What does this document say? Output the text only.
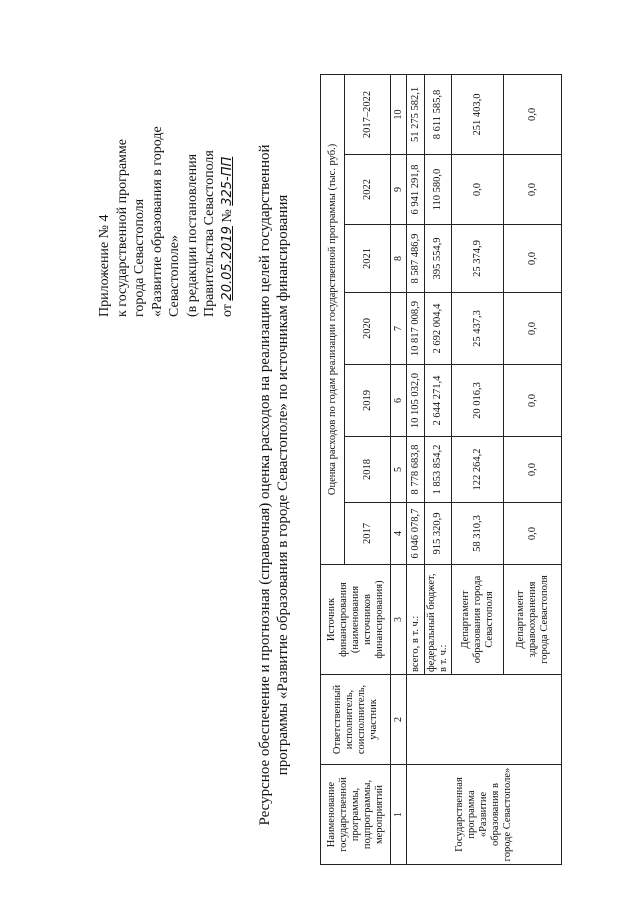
Приложение № 4 к государственной программе города Севастополя «Развитие образования в городе Севастополе» (в редакции постановления Правительства Севастополя от 20.05.2019 № 325-ПП Ресурсное обеспечение и прогнозная (справочная) оценка расходов на реализацию целей государственной программы «Развитие образования в городе Севастополе» по источникам финансирования
Наименование государственной программы, подпрограммы, мероприятий	Ответственный исполнитель, соисполнитель, участник	Источник финансирования (наименования источников финансирования)	Оценка расходов по годам реализации государственной программы (тыс. руб.)						
			2017	2018	2019	2020	2021	2022	2017–2022
1	2	3	4	5	6	7	8	9	10
Государственная программа «Развитие образования в городе Севастополе»		всего, в т. ч.:	6 046 078,7	8 778 683,8	10 105 032,0	10 817 008,9	8 587 486,9	6 941 291,8	51 275 582,1
		федеральный бюджет, в т. ч.:	915 320,9	1 853 854,2	2 644 271,4	2 692 004,4	395 554,9	110 580,0	8 611 585,8
		Департамент образования города Севастополя	58 310,3	122 264,2	20 016,3	25 437,3	25 374,9	0,0	251 403,0
		Департамент здравоохранения города Севастополя	0,0	0,0	0,0	0,0	0,0	0,0	0,0
